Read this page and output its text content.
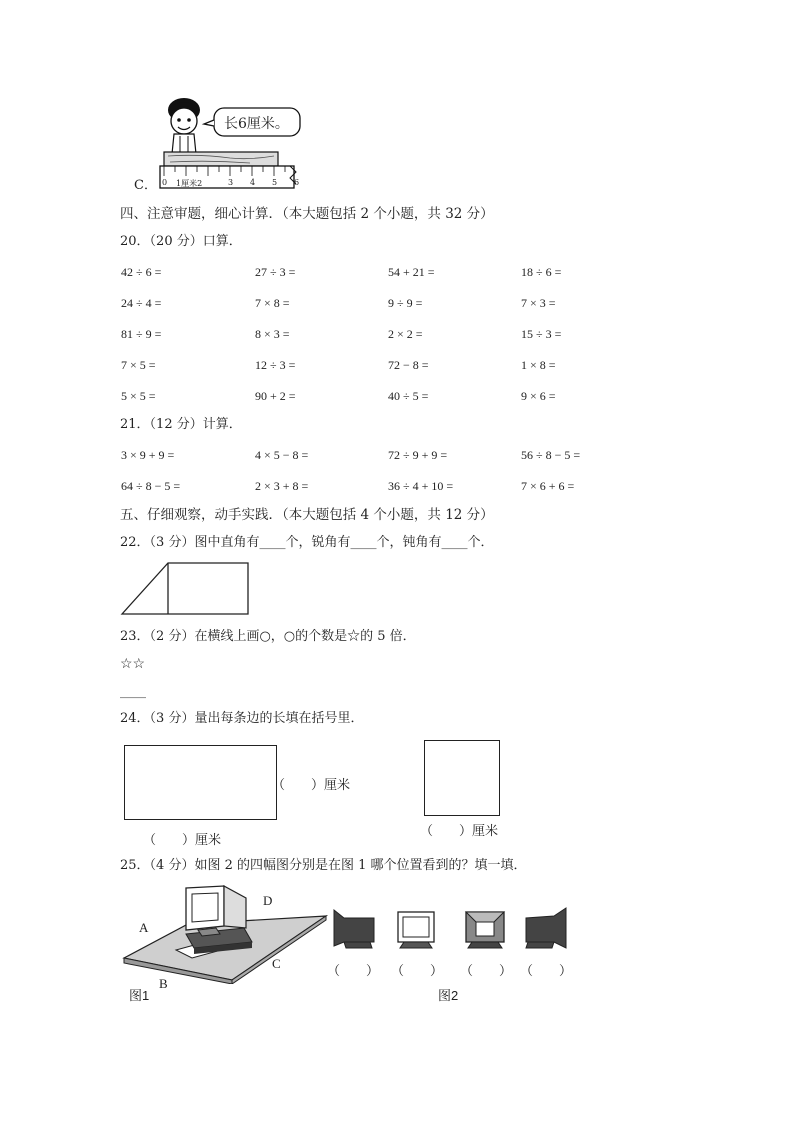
长6厘米。
0 1厘米2	3 4 5 6
C．
四、注意审题，细心计算．（本大题包括 2 个小题，共 32 分）
20．（20 分）口算．
42 ÷ 6 =	27 ÷ 3 =	54 + 21 =	18 ÷ 6 =
24 ÷ 4 =	7 × 8 =	9 ÷ 9 =	7 × 3 =
81 ÷ 9 =	8 × 3 =	2 × 2 =	15 ÷ 3 =
7 × 5 =	12 ÷ 3 =	72 − 8 =	1 × 8 =
5 × 5 =	90 + 2 =	40 ÷ 5 =	9 × 6 =
21．（12 分）计算．
3 × 9 + 9 =	4 × 5 − 8 =	72 ÷ 9 + 9 =	56 ÷ 8 − 5 =
64 ÷ 8 − 5 =	2 × 3 + 8 =	36 ÷ 4 + 10 =	7 × 6 + 6 =
五、仔细观察，动手实践．（本大题包括 4 个小题，共 12 分）
22．（3 分）图中直角有____个，锐角有____个，钝角有____个．
23．（2 分）在横线上画○，○的个数是☆的 5 倍．
☆☆
____
24．（3 分）量出每条边的长填在括号里．
（　　）厘米
（　　）厘米
（　　）厘米
25．（4 分）如图 2 的四幅图分别是在图 1 哪个位置看到的？填一填．
A
B
C
D
图1
（　　） （　　） （　　） （　　）
图2
